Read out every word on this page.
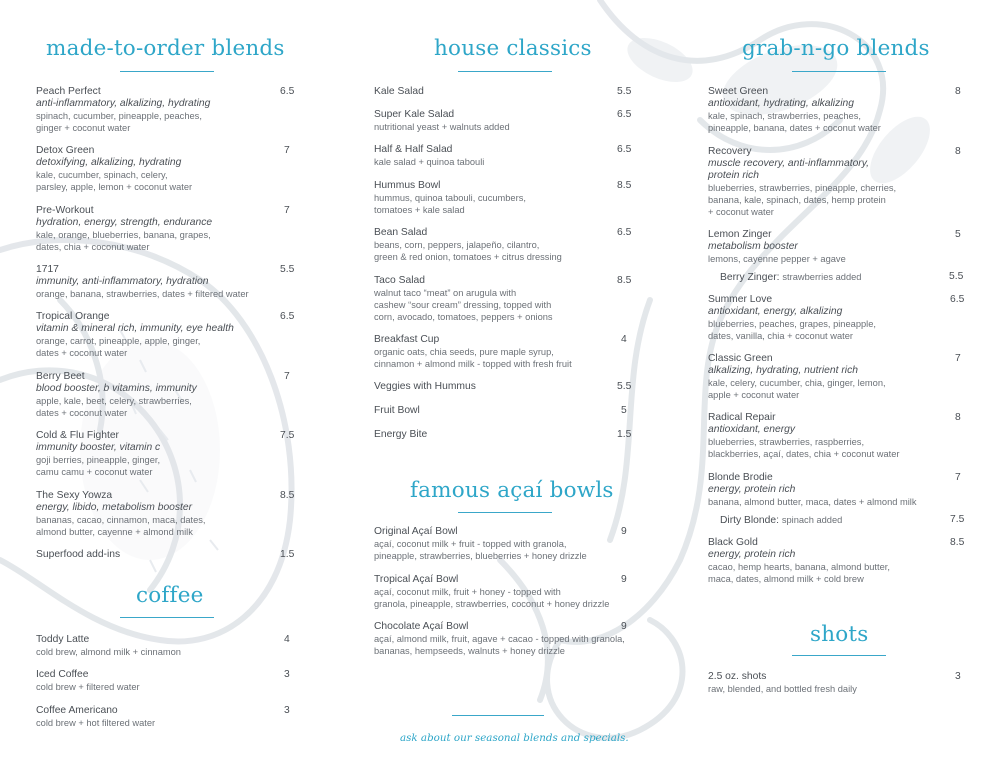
made-to-order blends
Peach Perfect	6.5
anti-inflammatory, alkalizing, hydrating
spinach, cucumber, pineapple, peaches,
ginger + coconut water
Detox Green	7
detoxifying, alkalizing, hydrating
kale, cucumber, spinach, celery,
parsley, apple, lemon + coconut water
Pre-Workout	7
hydration, energy, strength, endurance
kale, orange, blueberries, banana, grapes,
dates, chia + coconut water
1717	5.5
immunity, anti-inflammatory, hydration
orange, banana, strawberries, dates + filtered water
Tropical Orange	6.5
vitamin & mineral rich, immunity, eye health
orange, carrot, pineapple, apple, ginger,
dates + coconut water
Berry Beet	7
blood booster, b vitamins, immunity
apple, kale, beet, celery, strawberries,
dates + coconut water
Cold & Flu Fighter	7.5
immunity booster, vitamin c
goji berries, pineapple, ginger,
camu camu + coconut water
The Sexy Yowza	8.5
energy, libido, metabolism booster
bananas, cacao, cinnamon, maca, dates,
almond butter, cayenne + almond milk
Superfood add-ins	1.5
coffee
Toddy Latte	4
cold brew, almond milk + cinnamon
Iced Coffee	3
cold brew + filtered water
Coffee Americano	3
cold brew + hot filtered water
house classics
Kale Salad	5.5
Super Kale Salad	6.5
nutritional yeast + walnuts added
Half & Half Salad	6.5
kale salad + quinoa tabouli
Hummus Bowl	8.5
hummus, quinoa tabouli, cucumbers,
tomatoes + kale salad
Bean Salad	6.5
beans, corn, peppers, jalapeño, cilantro,
green & red onion, tomatoes + citrus dressing
Taco Salad	8.5
walnut taco “meat” on arugula with
cashew “sour cream” dressing, topped with
corn, avocado, tomatoes, peppers + onions
Breakfast Cup	4
organic oats, chia seeds, pure maple syrup,
cinnamon + almond milk - topped with fresh fruit
Veggies with Hummus	5.5
Fruit Bowl	5
Energy Bite	1.5
famous açaí bowls
Original Açaí Bowl	9
açaí, coconut milk + fruit - topped with granola,
pineapple, strawberries, blueberries + honey drizzle
Tropical Açaí Bowl	9
açaí, coconut milk, fruit + honey - topped with
granola, pineapple, strawberries, coconut + honey drizzle
Chocolate Açaí Bowl	9
açaí, almond milk, fruit, agave + cacao - topped with granola,
bananas, hempseeds, walnuts + honey drizzle
ask about our seasonal blends and specials.
grab-n-go blends
Sweet Green	8
antioxidant, hydrating, alkalizing
kale, spinach, strawberries, peaches,
pineapple, banana, dates + coconut water
Recovery	8
muscle recovery, anti-inflammatory,
protein rich
blueberries, strawberries, pineapple, cherries,
banana, kale, spinach, dates, hemp protein
+ coconut water
Lemon Zinger	5
metabolism booster
lemons, cayenne pepper + agave
Berry Zinger: strawberries added	5.5
Summer Love	6.5
antioxidant, energy, alkalizing
blueberries, peaches, grapes, pineapple,
dates, vanilla, chia + coconut water
Classic Green	7
alkalizing, hydrating, nutrient rich
kale, celery, cucumber, chia, ginger, lemon,
apple + coconut water
Radical Repair	8
antioxidant, energy
blueberries, strawberries, raspberries,
blackberries, açaí, dates, chia + coconut water
Blonde Brodie	7
energy, protein rich
banana, almond butter, maca, dates + almond milk
Dirty Blonde: spinach added	7.5
Black Gold	8.5
energy, protein rich
cacao, hemp hearts, banana, almond butter,
maca, dates, almond milk + cold brew
shots
2.5 oz. shots	3
raw, blended, and bottled fresh daily
